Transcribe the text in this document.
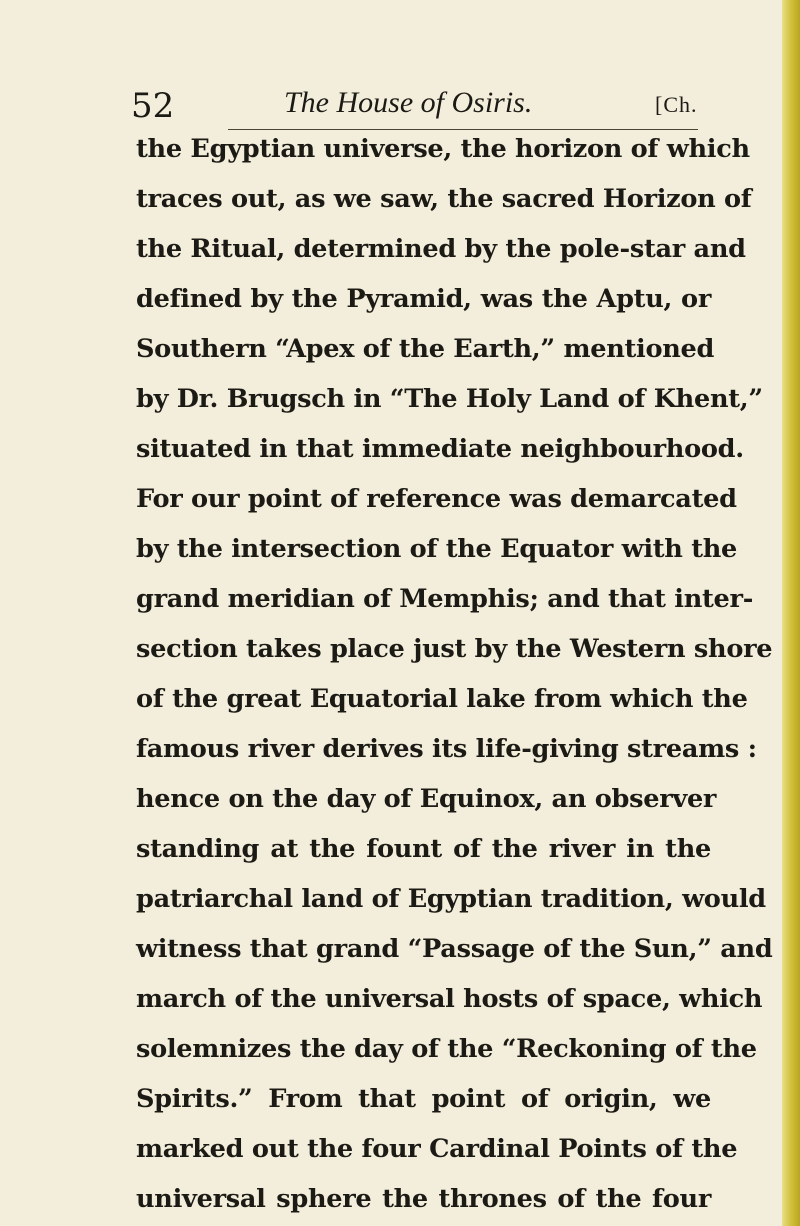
52	The House of Osiris.	[Ch.
the Egyptian universe, the horizon of which
traces out, as we saw, the sacred Horizon of
the Ritual, determined by the pole-star and
defined by the Pyramid, was the Aptu, or
Southern “Apex of the Earth,” mentioned
by Dr. Brugsch in “The Holy Land of Khent,”
situated in that immediate neighbourhood.
For our point of reference was demarcated
by the intersection of the Equator with the
grand meridian of Memphis; and that inter-
section takes place just by the Western shore
of the great Equatorial lake from which the
famous river derives its life-giving streams :
hence on the day of Equinox, an observer
standing at the fount of the river in the
patriarchal land of Egyptian tradition, would
witness that grand “Passage of the Sun,” and
march of the universal hosts of space, which
solemnizes the day of the “Reckoning of the
Spirits.” From that point of origin, we
marked out the four Cardinal Points of the
universal sphere the thrones of the four
